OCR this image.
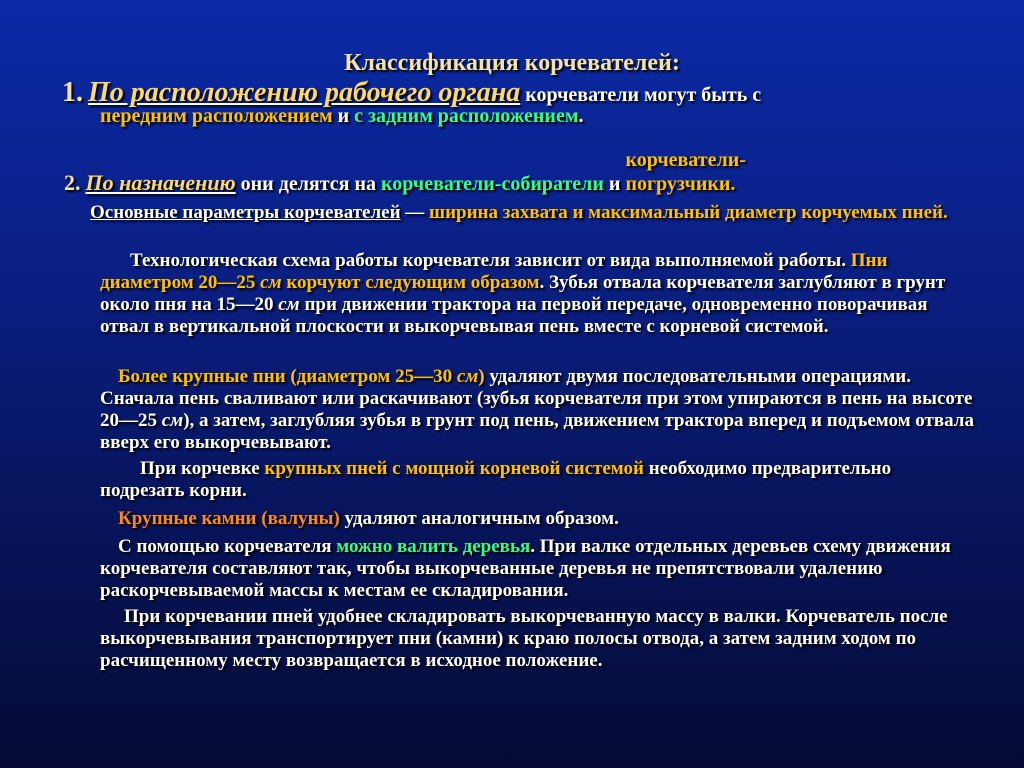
Классификация корчевателей:
1. По расположению рабочего органа корчеватели могут быть с
передним расположением и с задним расположением.
2. По назначению они делятся на корчеватели-собиратели и корчеватели-погрузчики.
Основные параметры корчевателей — ширина захвата и максимальный диаметр корчуемых пней.
Технологическая схема работы корчевателя зависит от вида выполняемой работы. Пни диаметром 20—25 см корчуют следующим образом. Зубья отвала корчевателя заглубляют в грунт около пня на 15—20 см при движении трактора на первой передаче, одновременно поворачивая отвал в вертикальной плоскости и выкорчевывая пень вместе с корневой системой.
Более крупные пни (диаметром 25—30 см) удаляют двумя последовательными операциями. Сначала пень сваливают или раскачивают (зубья корчевателя при этом упираются в пень на высоте 20—25 см), а затем, заглубляя зубья в грунт под пень, движением трактора вперед и подъемом отвала вверх его выкорчевывают.
При корчевке крупных пней с мощной корневой системой необходимо предварительно подрезать корни.
Крупные камни (валуны) удаляют аналогичным образом.
С помощью корчевателя можно валить деревья. При валке отдельных деревьев схему движения корчевателя составляют так, чтобы выкорчеванные деревья не препятствовали удалению раскорчевываемой массы к местам ее складирования.
При корчевании пней удобнее складировать выкорчеванную массу в валки. Корчеватель после выкорчевывания транспортирует пни (камни) к краю полосы отвода, а затем задним ходом по расчищенному месту возвращается в исходное положение.
